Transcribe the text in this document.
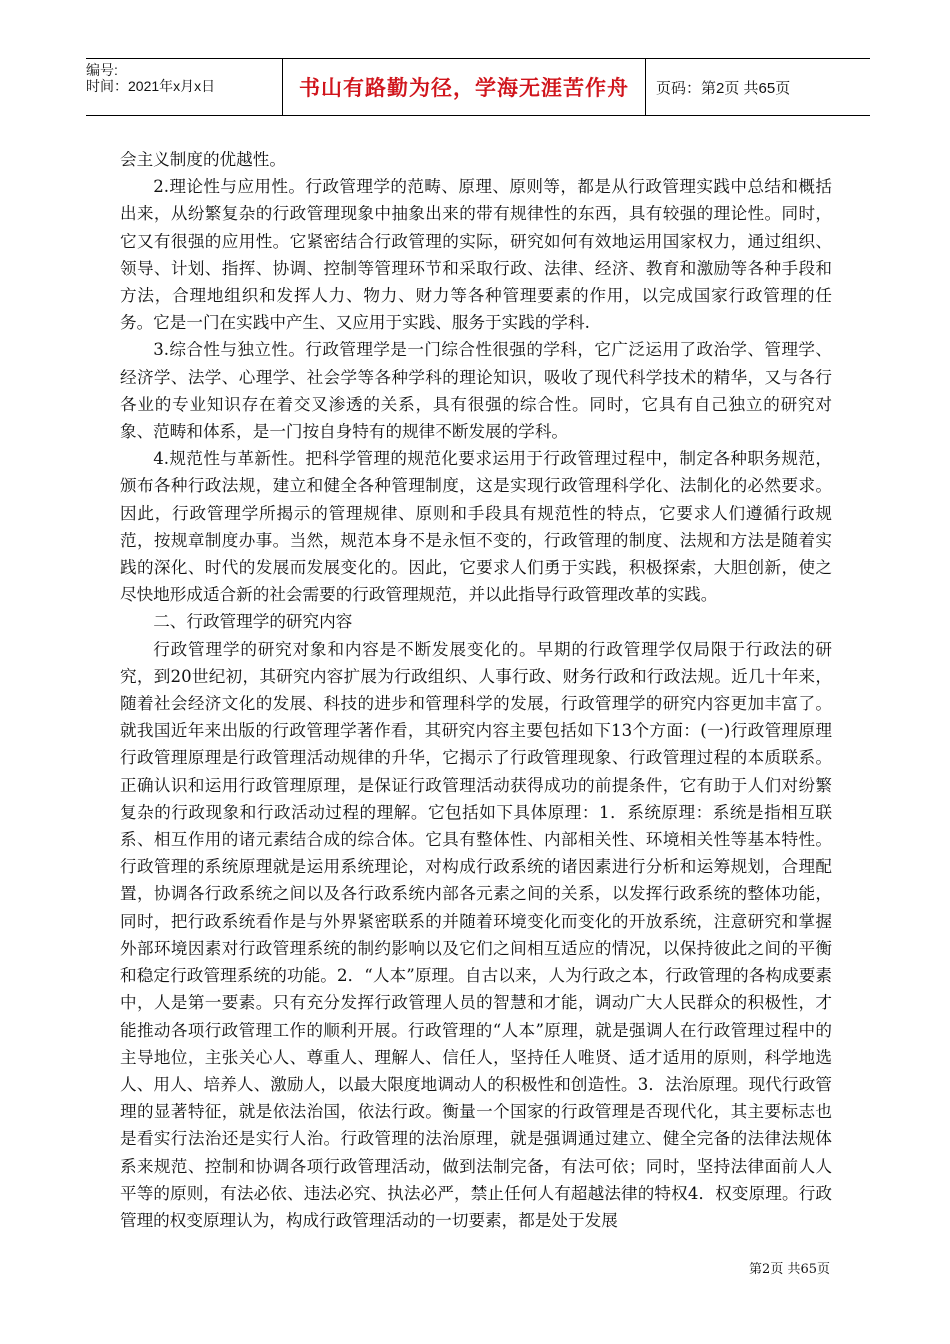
编号:
时间：2021年x月x日	书山有路勤为径，学海无涯苦作舟	页码：第2页 共65页

会主义制度的优越性。

2.理论性与应用性。行政管理学的范畴、原理、原则等，都是从行政管理实践中总结和概括出来，从纷繁复杂的行政管理现象中抽象出来的带有规律性的东西，具有较强的理论性。同时，它又有很强的应用性。它紧密结合行政管理的实际，研究如何有效地运用国家权力，通过组织、领导、计划、指挥、协调、控制等管理环节和采取行政、法律、经济、教育和激励等各种手段和方法，合理地组织和发挥人力、物力、财力等各种管理要素的作用，以完成国家行政管理的任务。它是一门在实践中产生、又应用于实践、服务于实践的学科.

3.综合性与独立性。行政管理学是一门综合性很强的学科，它广泛运用了政治学、管理学、经济学、法学、心理学、社会学等各种学科的理论知识，吸收了现代科学技术的精华，又与各行各业的专业知识存在着交叉渗透的关系，具有很强的综合性。同时，它具有自己独立的研究对象、范畴和体系，是一门按自身特有的规律不断发展的学科。

4.规范性与革新性。把科学管理的规范化要求运用于行政管理过程中，制定各种职务规范，颁布各种行政法规，建立和健全各种管理制度，这是实现行政管理科学化、法制化的必然要求。因此，行政管理学所揭示的管理规律、原则和手段具有规范性的特点，它要求人们遵循行政规范，按规章制度办事。当然，规范本身不是永恒不变的，行政管理的制度、法规和方法是随着实践的深化、时代的发展而发展变化的。因此，它要求人们勇于实践，积极探索，大胆创新，使之尽快地形成适合新的社会需要的行政管理规范，并以此指导行政管理改革的实践。

二、行政管理学的研究内容

行政管理学的研究对象和内容是不断发展变化的。早期的行政管理学仅局限于行政法的研究，到20世纪初，其研究内容扩展为行政组织、人事行政、财务行政和行政法规。近几十年来，随着社会经济文化的发展、科技的进步和管理科学的发展，行政管理学的研究内容更加丰富了。就我国近年来出版的行政管理学著作看，其研究内容主要包括如下13个方面：(一)行政管理原理行政管理原理是行政管理活动规律的升华，它揭示了行政管理现象、行政管理过程的本质联系。正确认识和运用行政管理原理，是保证行政管理活动获得成功的前提条件，它有助于人们对纷繁复杂的行政现象和行政活动过程的理解。它包括如下具体原理：1．系统原理：系统是指相互联系、相互作用的诸元素结合成的综合体。它具有整体性、内部相关性、环境相关性等基本特性。行政管理的系统原理就是运用系统理论，对构成行政系统的诸因素进行分析和运筹规划，合理配置，协调各行政系统之间以及各行政系统内部各元素之间的关系，以发挥行政系统的整体功能，同时，把行政系统看作是与外界紧密联系的并随着环境变化而变化的开放系统，注意研究和掌握外部环境因素对行政管理系统的制约影响以及它们之间相互适应的情况，以保持彼此之间的平衡和稳定行政管理系统的功能。2．“人本”原理。自古以来，人为行政之本，行政管理的各构成要素中，人是第一要素。只有充分发挥行政管理人员的智慧和才能，调动广大人民群众的积极性，才能推动各项行政管理工作的顺利开展。行政管理的“人本”原理，就是强调人在行政管理过程中的主导地位，主张关心人、尊重人、理解人、信任人，坚持任人唯贤、适才适用的原则，科学地选人、用人、培养人、激励人，以最大限度地调动人的积极性和创造性。3．法治原理。现代行政管理的显著特征，就是依法治国，依法行政。衡量一个国家的行政管理是否现代化，其主要标志也是看实行法治还是实行人治。行政管理的法治原理，就是强调通过建立、健全完备的法律法规体系来规范、控制和协调各项行政管理活动，做到法制完备，有法可依；同时，坚持法律面前人人平等的原则，有法必依、违法必究、执法必严，禁止任何人有超越法律的特权4．权变原理。行政管理的权变原理认为，构成行政管理活动的一切要素，都是处于发展

第2页 共65页
